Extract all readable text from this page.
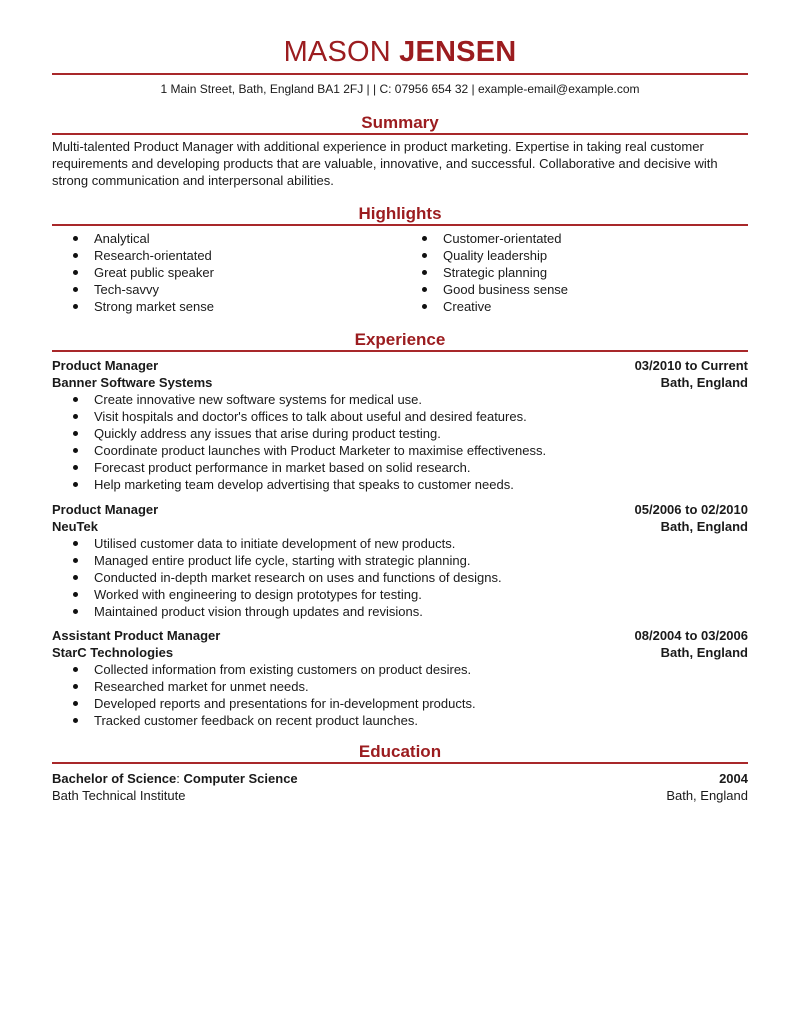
MASON JENSEN
1 Main Street, Bath, England BA1 2FJ | | C: 07956 654 32 | example-email@example.com
Summary
Multi-talented Product Manager with additional experience in product marketing. Expertise in taking real customer requirements and developing products that are valuable, innovative, and successful. Collaborative and decisive with strong communication and interpersonal abilities.
Highlights
Analytical
Research-orientated
Great public speaker
Tech-savvy
Strong market sense
Customer-orientated
Quality leadership
Strategic planning
Good business sense
Creative
Experience
Product Manager	03/2010 to Current
Banner Software Systems	Bath, England
Create innovative new software systems for medical use.
Visit hospitals and doctor's offices to talk about useful and desired features.
Quickly address any issues that arise during product testing.
Coordinate product launches with Product Marketer to maximise effectiveness.
Forecast product performance in market based on solid research.
Help marketing team develop advertising that speaks to customer needs.
Product Manager	05/2006 to 02/2010
NeuTek	Bath, England
Utilised customer data to initiate development of new products.
Managed entire product life cycle, starting with strategic planning.
Conducted in-depth market research on uses and functions of designs.
Worked with engineering to design prototypes for testing.
Maintained product vision through updates and revisions.
Assistant Product Manager	08/2004 to 03/2006
StarC Technologies	Bath, England
Collected information from existing customers on product desires.
Researched market for unmet needs.
Developed reports and presentations for in-development products.
Tracked customer feedback on recent product launches.
Education
Bachelor of Science: Computer Science	2004
Bath Technical Institute	Bath, England
